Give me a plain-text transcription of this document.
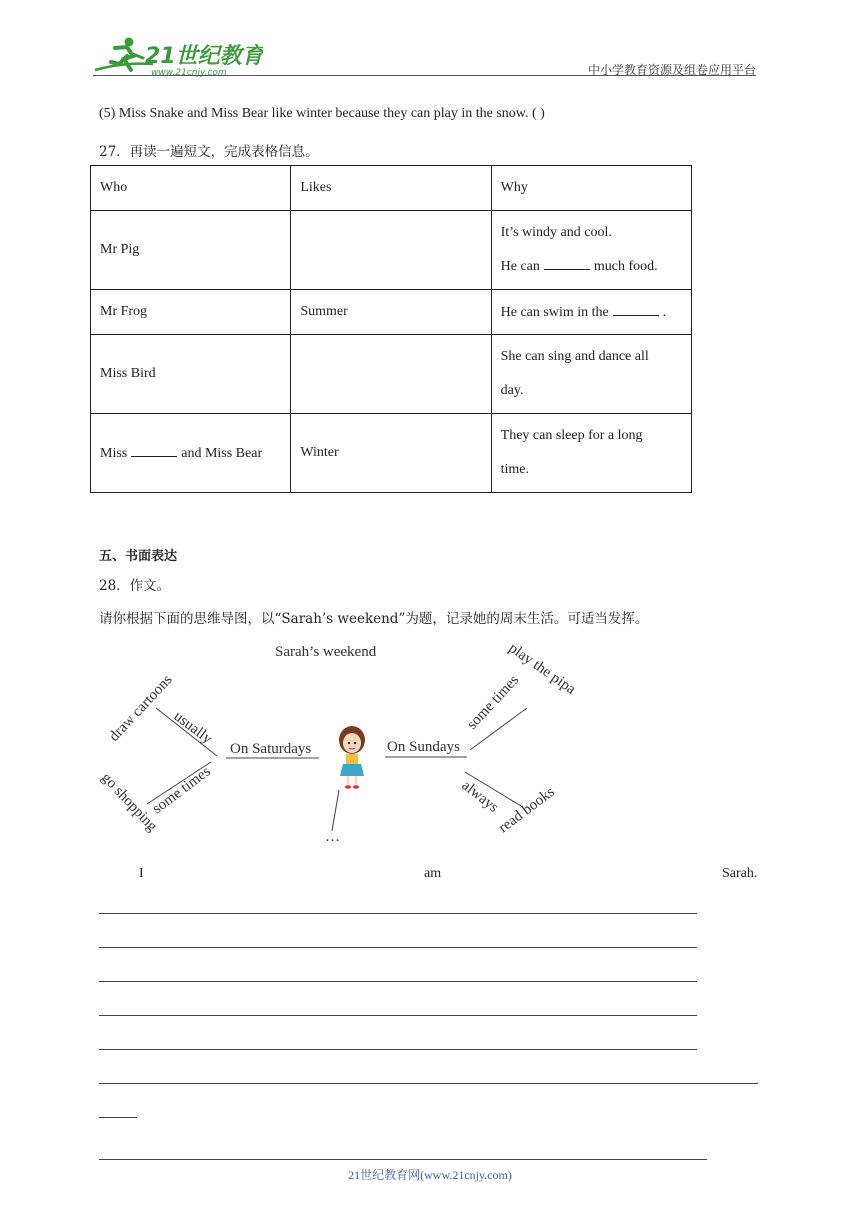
21世纪教育
www.21cnjy.com	中小学教育资源及组卷应用平台
(5) Miss Snake and Miss Bear like winter because they can play in the snow. ( )
27．再读一遍短文，完成表格信息。
Who	Likes	Why
Mr Pig		It’s windy and cool.

He can much food.

Mr Frog	Summer	He can swim in the .
Miss Bird		She can sing and dance all

day.

Miss and Miss Bear	Winter	They can sleep for a long

time.

五、书面表达
28．作文。
请你根据下面的思维导图，以“Sarah’s weekend”为题，记录她的周末生活。可适当发挥。
Sarah’s weekend
On Saturdays
draw cartoons
usually
go shopping
some times
…
On Sundays
some times
play the pipa
always
read books
I	am	Sarah.
21世纪教育网(www.21cnjy.com)
